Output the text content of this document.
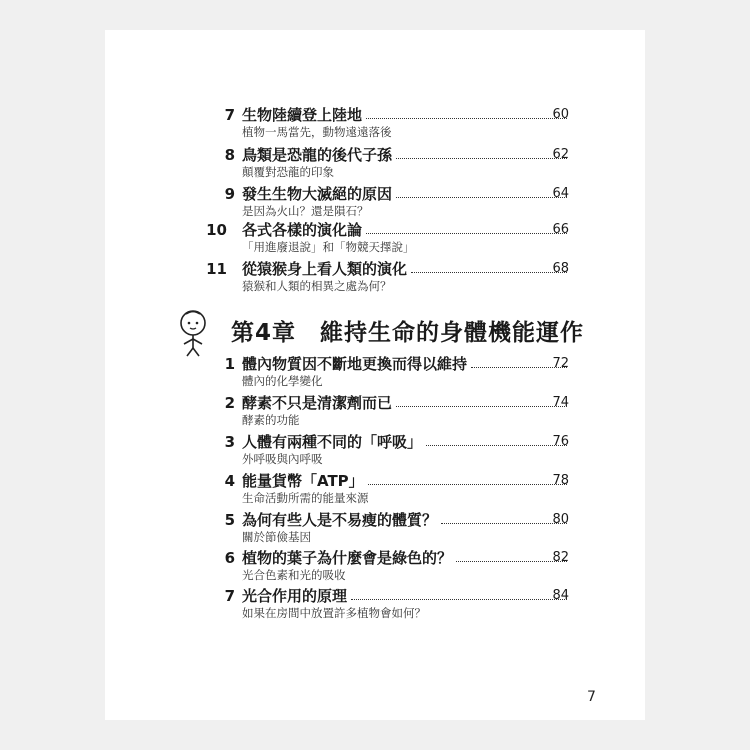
7 生物陸續登上陸地	60
植物一馬當先，動物遠遠落後
8 鳥類是恐龍的後代子孫	62
顛覆對恐龍的印象
9 發生生物大滅絕的原因	64
是因為火山？還是隕石？
10 各式各樣的演化論	66
「用進廢退說」和「物競天擇說」
11 從猿猴身上看人類的演化	68
猿猴和人類的相異之處為何？
第4章　維持生命的身體機能運作
1 體內物質因不斷地更換而得以維持	72
體內的化學變化
2 酵素不只是清潔劑而已	74
酵素的功能
3 人體有兩種不同的「呼吸」	76
外呼吸與內呼吸
4 能量貨幣「ATP」	78
生命活動所需的能量來源
5 為何有些人是不易瘦的體質？	80
關於節儉基因
6 植物的葉子為什麼會是綠色的？	82
光合色素和光的吸收
7 光合作用的原理	84
如果在房間中放置許多植物會如何？
7
